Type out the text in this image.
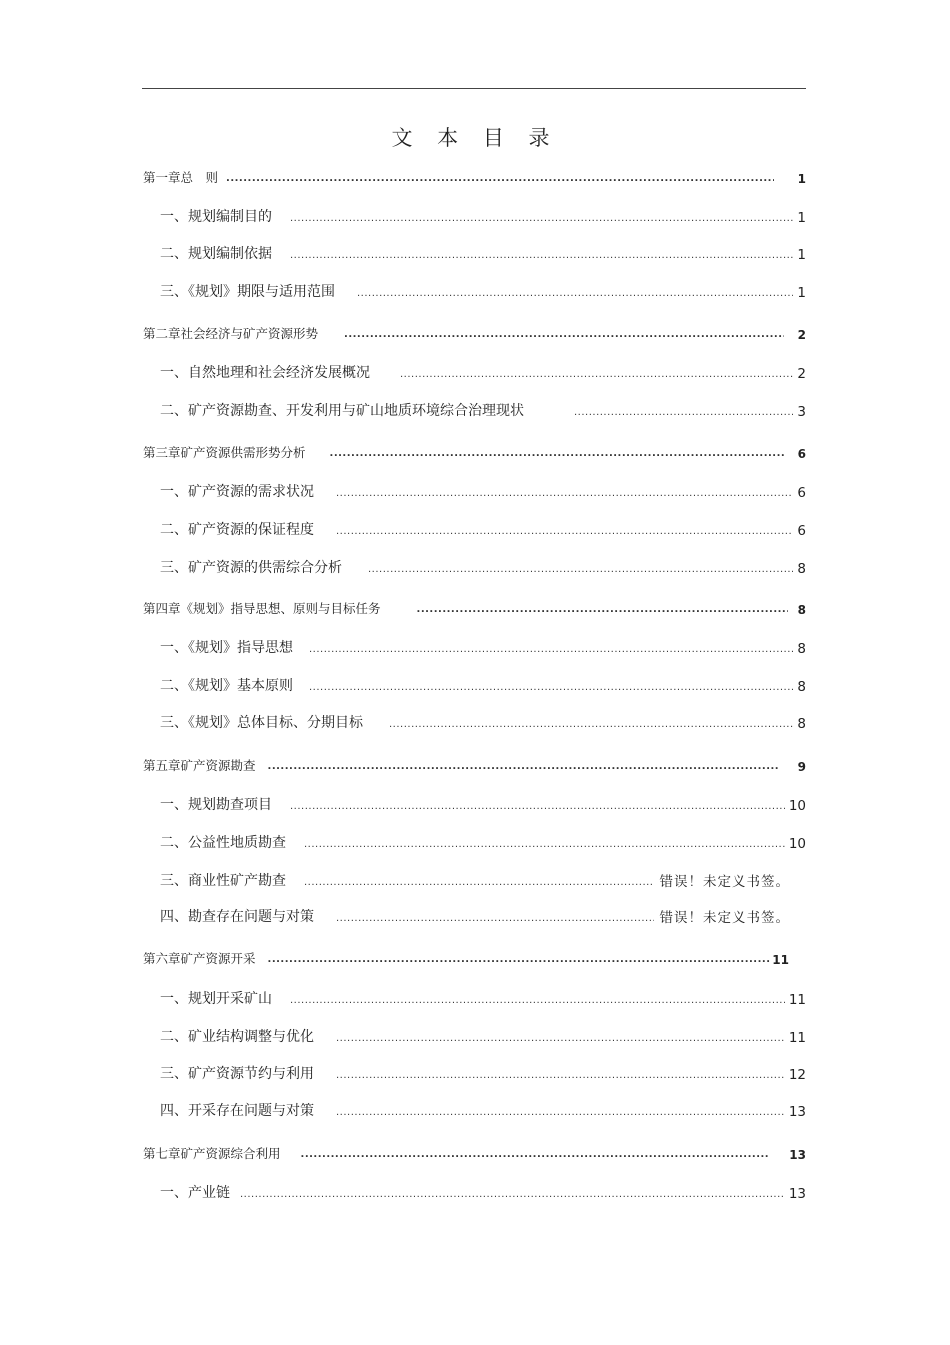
文 本 目 录
第一章 总　则 .....	1
一、规划编制目的 .....	1
二、规划编制依据 .....	1
三、《规划》期限与适用范围 .....	1
第二章 社会经济与矿产资源形势 .....	2
一、自然地理和社会经济发展概况 .....	2
二、矿产资源勘查、开发利用与矿山地质环境综合治理现状 .....	3
第三章 矿产资源供需形势分析 .....	6
一、矿产资源的需求状况 .....	6
二、矿产资源的保证程度 .....	6
三、矿产资源的供需综合分析 .....	8
第四章 《规划》指导思想、原则与目标任务 .....	8
一、《规划》指导思想 .....	8
二、《规划》基本原则 .....	8
三、《规划》总体目标、分期目标 .....	8
第五章 矿产资源勘查 .....	9
一、规划勘查项目 .....	10
二、公益性地质勘查 .....	10
三、商业性矿产勘查 .....	错误！未定义书签。
四、勘查存在问题与对策 .....	错误！未定义书签。
第六章 矿产资源开采 .....	11
一、规划开采矿山 .....	11
二、矿业结构调整与优化 .....	11
三、矿产资源节约与利用 .....	12
四、开采存在问题与对策 .....	13
第七章 矿产资源综合利用 .....	13
一、产业链 .....	13
